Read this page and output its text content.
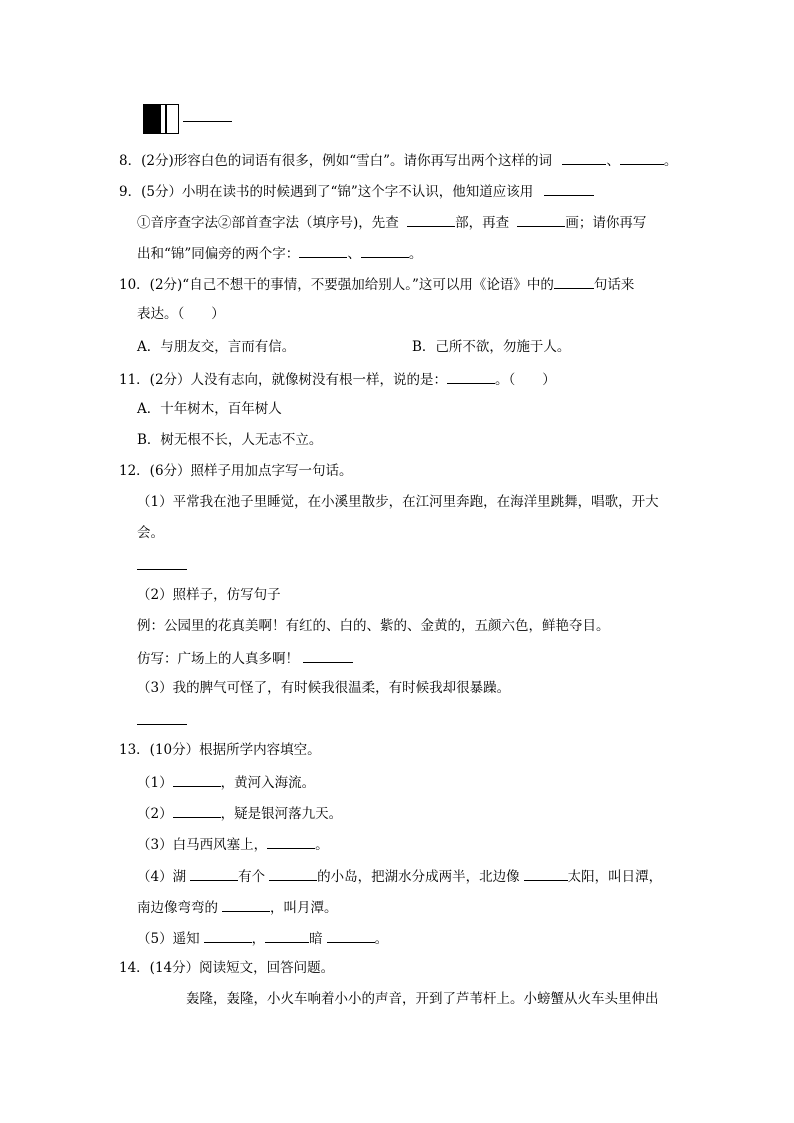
8．(2分)形容白色的词语有很多，例如“雪白”。请你再写出两个这样的词	、	。
9．(5分）小明在读书的时候遇到了“锦”这个字不认识，他知道应该用
①音序查字法②部首查字法（填序号)，先查	部，再查	画；请你再写
出和“锦”同偏旁的两个字：	、	。
10．(2分)“自己不想干的事情，不要强加给别人。”这可以用《论语》中的	句话来
表达。（　　）
A．与朋友交，言而有信。	B．己所不欲，勿施于人。
11．(2分）人没有志向，就像树没有根一样，说的是：	。（　　）
A．十年树木，百年树人
B．树无根不长，人无志不立。
12．(6分）照样子用加点字写一句话。
（1）平常我在池子里睡觉，在小溪里散步，在江河里奔跑，在海洋里跳舞，唱歌，开大
会。
（2）照样子，仿写句子
例：公园里的花真美啊！有红的、白的、紫的、金黄的，五颜六色，鲜艳夺目。
仿写：广场上的人真多啊！
（3）我的脾气可怪了，有时候我很温柔，有时候我却很暴躁。
13．(10分）根据所学内容填空。
（1）	，黄河入海流。
（2）	，疑是银河落九天。
（3）白马西风塞上，	。
（4）湖	有个	的小岛，把湖水分成两半，北边像	太阳，叫日潭，
南边像弯弯的	，叫月潭。
（5）遥知	，	暗	。
14．(14分）阅读短文，回答问题。
轰隆，轰隆，小火车响着小小的声音，开到了芦苇杆上。小螃蟹从火车头里伸出
